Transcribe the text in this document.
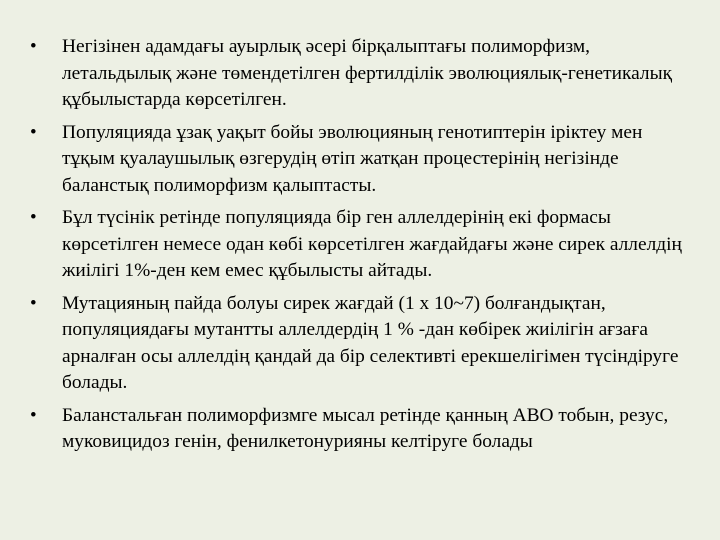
•	Негізінен адамдағы ауырлық әсері бірқалыптағы полиморфизм, летальдылық және төмендетілген фертилділік эволюциялық-генетикалық құбылыстарда көрсетілген.
•	Популяцияда ұзақ уақыт бойы эволюцияның генотиптерін іріктеу мен тұқым қуалаушылық өзгерудің өтіп жатқан процестерінің негізінде баланстық полиморфизм қалыптасты.
•	Бұл түсінік ретінде популяцияда бір ген аллелдерінің екі формасы көрсетілген немесе одан көбі көрсетілген жағдайдағы және сирек аллелдің жиілігі 1%-ден кем емес құбылысты айтады.
•	Мутацияның пайда болуы сирек жағдай (1 х 10~7) болғандықтан, популяциядағы мутантты аллелдердің 1 % -дан көбірек жиілігін ағзаға арналған осы аллелдің қандай да бір селективті ерекшелігімен түсіндіруге болады.
•	Баланстальған полиморфизмге мысал ретінде қанның АВО тобын, резус, муковицидоз генін, фенилкетонурияны келтіруге болады
